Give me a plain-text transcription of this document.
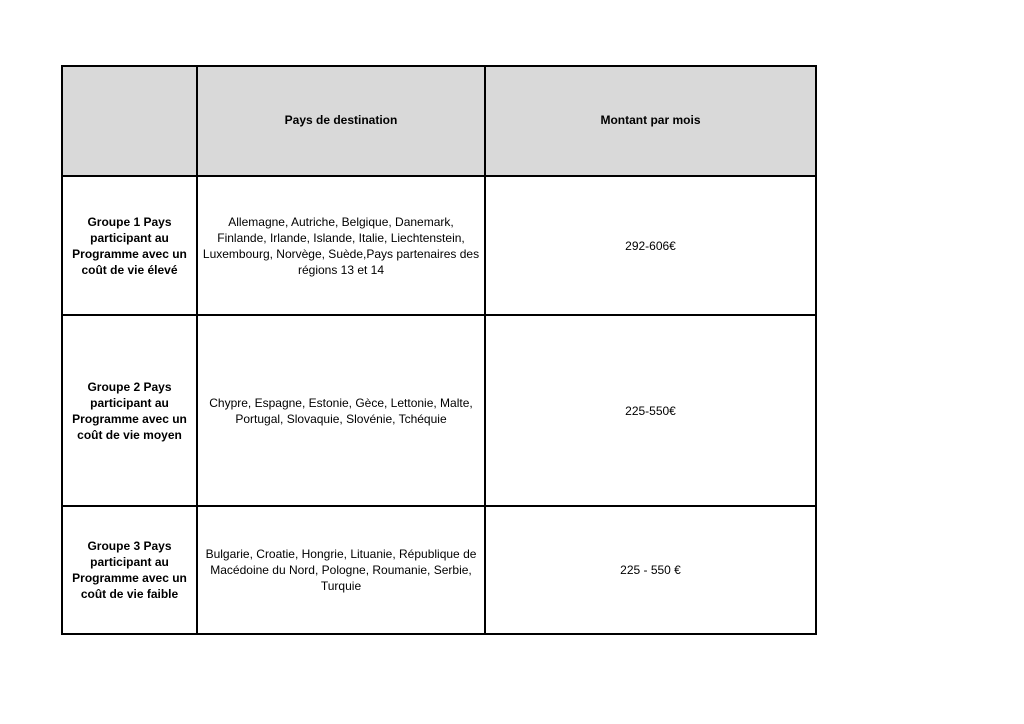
	Pays de destination	Montant par mois
Groupe 1 Pays participant au Programme avec un coût de vie élevé	Allemagne, Autriche, Belgique, Danemark, Finlande, Irlande, Islande, Italie, Liechtenstein, Luxembourg, Norvège, Suède,Pays partenaires des régions 13 et 14	292-606€
Groupe 2 Pays participant au Programme avec un coût de vie moyen	Chypre, Espagne, Estonie, Gèce, Lettonie, Malte, Portugal, Slovaquie, Slovénie, Tchéquie	225-550€
Groupe 3 Pays participant au Programme avec un coût de vie faible	Bulgarie, Croatie, Hongrie, Lituanie, République de Macédoine du Nord, Pologne, Roumanie, Serbie, Turquie	225 - 550 €
